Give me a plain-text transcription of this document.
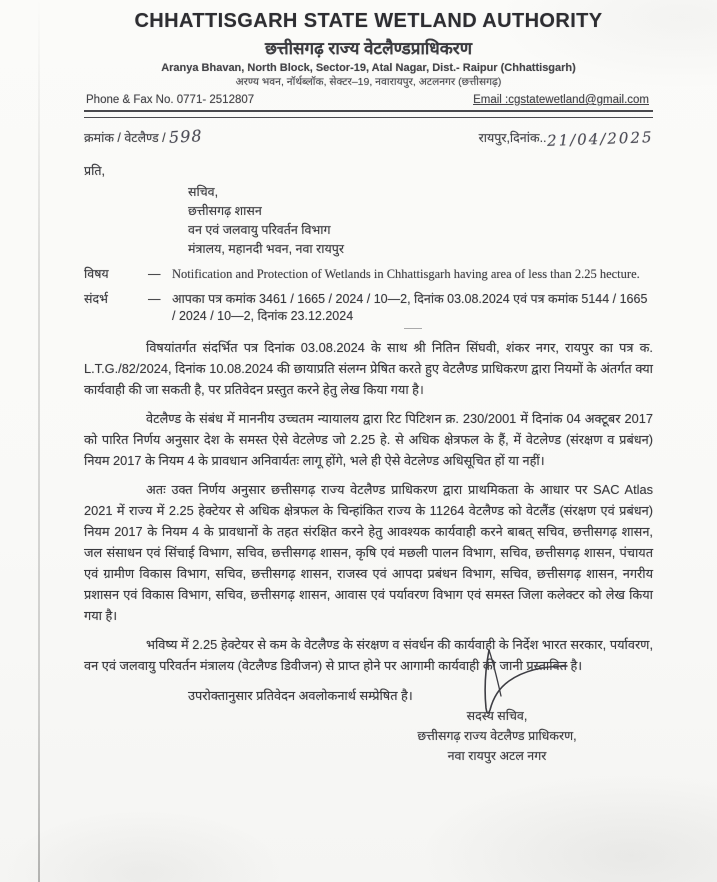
CHHATTISGARH STATE WETLAND AUTHORITY
छत्तीसगढ़ राज्य वेटलैण्डप्राधिकरण
Aranya Bhavan, North Block, Sector-19, Atal Nagar, Dist.- Raipur (Chhattisgarh)
अरण्य भवन, नॉर्थब्लॉक, सेक्टर–19, नवारायपुर, अटलनगर (छत्तीसगढ़)
Phone & Fax No. 0771- 2512807	Email :cgstatewetland@gmail.com
क्रमांक / वेटलैण्ड / 598	रायपुर,दिनांक..21/04/2025
प्रति,
सचिव,
छत्तीसगढ़ शासन
वन एवं जलवायु परिवर्तन विभाग
मंत्रालय, महानदी भवन, नवा रायपुर
विषय	— Notification and Protection of Wetlands in Chhattisgarh having area of less than 2.25 hecture.
संदर्भ	— आपका पत्र कमांक 3461 / 1665 / 2024 / 10—2, दिनांक 03.08.2024 एवं पत्र कमांक 5144 / 1665 / 2024 / 10—2, दिनांक 23.12.2024

विषयांतर्गत संदर्भित पत्र दिनांक 03.08.2024 के साथ श्री नितिन सिंघवी, शंकर नगर, रायपुर का पत्र क. L.T.G./82/2024, दिनांक 10.08.2024 की छायाप्रति संलग्न प्रेषित करते हुए वेटलैण्ड प्राधिकरण द्वारा नियमों के अंतर्गत क्या कार्यवाही की जा सकती है, पर प्रतिवेदन प्रस्तुत करने हेतु लेख किया गया है।

वेटलैण्ड के संबंध में माननीय उच्चतम न्यायालय द्वारा रिट पिटिशन क्र. 230/2001 में दिनांक 04 अक्टूबर 2017 को पारित निर्णय अनुसार देश के समस्त ऐसे वेटलेण्ड जो 2.25 हे. से अधिक क्षेत्रफल के हैं, में वेटलेण्ड (संरक्षण व प्रबंधन) नियम 2017 के नियम 4 के प्रावधान अनिवार्यतः लागू होंगे, भले ही ऐसे वेटलेण्ड अधिसूचित हों या नहीं।

अतः उक्त निर्णय अनुसार छत्तीसगढ़ राज्य वेटलैण्ड प्राधिकरण द्वारा प्राथमिकता के आधार पर SAC Atlas 2021 में राज्य में 2.25 हेक्टेयर से अधिक क्षेत्रफल के चिन्हांकित राज्य के 11264 वेटलैण्ड को वेटलैंड (संरक्षण एवं प्रबंधन) नियम 2017 के नियम 4 के प्रावधानों के तहत संरक्षित करने हेतु आवश्यक कार्यवाही करने बाबत् सचिव, छत्तीसगढ़ शासन, जल संसाधन एवं सिंचाई विभाग, सचिव, छत्तीसगढ़ शासन, कृषि एवं मछली पालन विभाग, सचिव, छत्तीसगढ़ शासन, पंचायत एवं ग्रामीण विकास विभाग, सचिव, छत्तीसगढ़ शासन, राजस्व एवं आपदा प्रबंधन विभाग, सचिव, छत्तीसगढ़ शासन, नगरीय प्रशासन एवं विकास विभाग, सचिव, छत्तीसगढ़ शासन, आवास एवं पर्यावरण विभाग एवं समस्त जिला कलेक्टर को लेख किया गया है।

भविष्य में 2.25 हेक्टेयर से कम के वेटलैण्ड के संरक्षण व संवर्धन की कार्यवाही के निर्देश भारत सरकार, पर्यावरण, वन एवं जलवायु परिवर्तन मंत्रालय (वेटलैण्ड डिवीजन) से प्राप्त होने पर आगामी कार्यवाही की जानी प्रस्तावित है।

उपरोक्तानुसार प्रतिवेदन अवलोकनार्थ सम्प्रेषित है।
सदस्य सचिव,
छत्तीसगढ़ राज्य वेटलैण्ड प्राधिकरण,
नवा रायपुर अटल नगर
